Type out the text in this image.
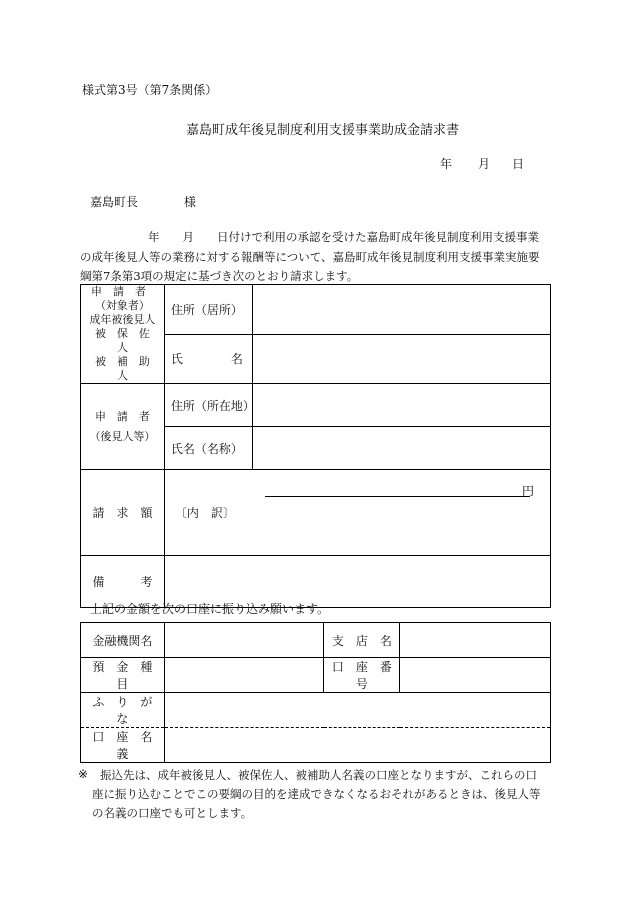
様式第3号（第7条関係）
嘉島町成年後見制度利用支援事業助成金請求書
年 月 日
嘉島町長	様
年　　月　　日付けで利用の承認を受けた嘉島町成年後見制度利用支援事業
の成年後見人等の業務に対する報酬等について、嘉島町成年後見制度利用支援事業実施要
綱第7条第3項の規定に基づき次のとおり請求します。
申　請　者
（対象者）
成年被後見人
被　保　佐　人
被　補　助　人	住所（居所）	
	氏　　　　名	

申　請　者
（後見人等）	住所（所在地）	
	氏名（名称）	
請　求　額	円
〔内　訳〕	

備　　　考		
上記の金額を次の口座に振り込み願います。
金融機関名		支　店　名	
預　金　種　目		口　座　番　号	
ふ　り　が　な			
口　座　名　義			
※ 振込先は、成年被後見人、被保佐人、被補助人名義の口座となりますが、これらの口
座に振り込むことでこの要綱の目的を達成できなくなるおそれがあるときは、後見人等
の名義の口座でも可とします。
